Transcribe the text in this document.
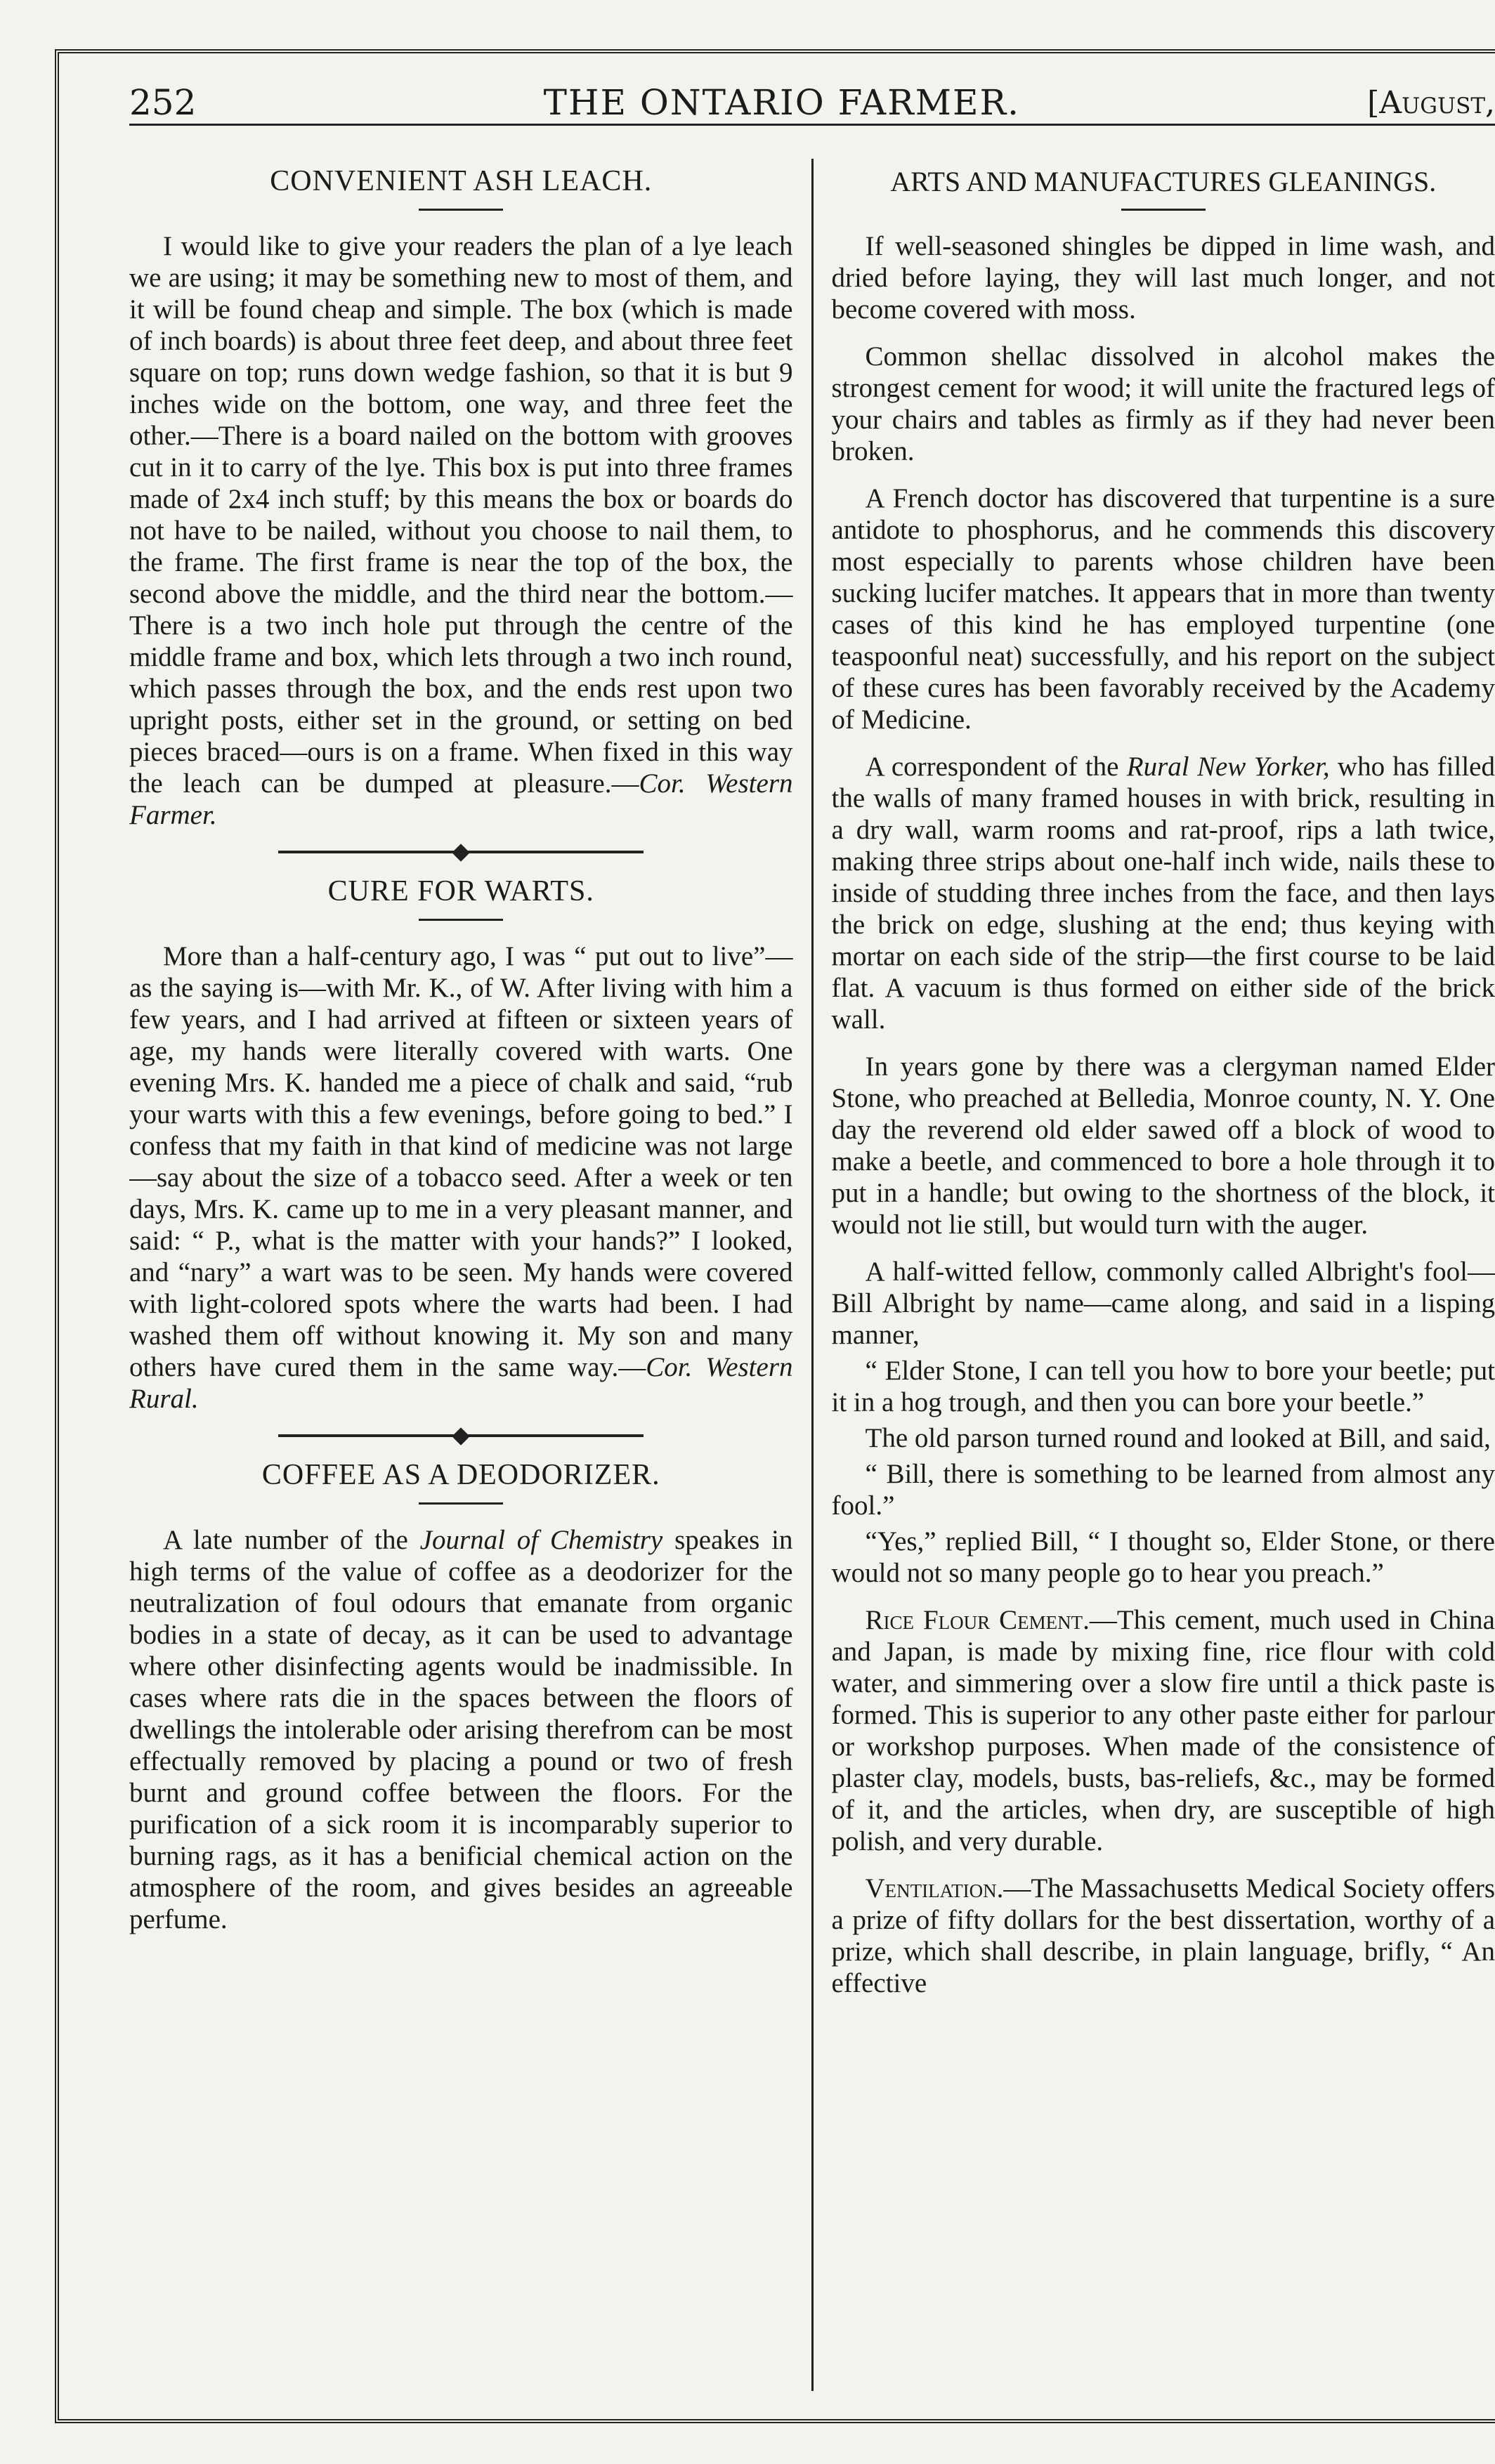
252	THE ONTARIO FARMER.	[August,
CONVENIENT ASH LEACH.

I would like to give your readers the plan of a lye leach we are using; it may be something new to most of them, and it will be found cheap and simple. The box (which is made of inch boards) is about three feet deep, and about three feet square on top; runs down wedge fashion, so that it is but 9 inches wide on the bottom, one way, and three feet the other.—There is a board nailed on the bottom with grooves cut in it to carry of the lye. This box is put into three frames made of 2x4 inch stuff; by this means the box or boards do not have to be nailed, without you choose to nail them, to the frame. The first frame is near the top of the box, the second above the middle, and the third near the bottom.—There is a two inch hole put through the centre of the middle frame and box, which lets through a two inch round, which passes through the box, and the ends rest upon two upright posts, either set in the ground, or setting on bed pieces braced—ours is on a frame. When fixed in this way the leach can be dumped at pleasure.—Cor. Western Farmer.

CURE FOR WARTS.

More than a half-century ago, I was “ put out to live”—as the saying is—with Mr. K., of W. After living with him a few years, and I had arrived at fifteen or sixteen years of age, my hands were literally covered with warts. One evening Mrs. K. handed me a piece of chalk and said, “rub your warts with this a few evenings, before going to bed.” I confess that my faith in that kind of medicine was not large—say about the size of a tobacco seed. After a week or ten days, Mrs. K. came up to me in a very pleasant manner, and said: “ P., what is the matter with your hands?” I looked, and “nary” a wart was to be seen. My hands were covered with light-colored spots where the warts had been. I had washed them off without knowing it. My son and many others have cured them in the same way.—Cor. Western Rural.

COFFEE AS A DEODORIZER.

A late number of the Journal of Chemistry speakes in high terms of the value of coffee as a deodorizer for the neutralization of foul odours that emanate from organic bodies in a state of decay, as it can be used to advantage where other disinfecting agents would be inadmissible. In cases where rats die in the spaces between the floors of dwellings the intolerable oder arising therefrom can be most effectually removed by placing a pound or two of fresh burnt and ground coffee between the floors. For the purification of a sick room it is incomparably superior to burning rags, as it has a benificial chemical action on the atmosphere of the room, and gives besides an agreeable perfume.

ARTS AND MANUFACTURES GLEANINGS.

If well-seasoned shingles be dipped in lime wash, and dried before laying, they will last much longer, and not become covered with moss.

Common shellac dissolved in alcohol makes the strongest cement for wood; it will unite the fractured legs of your chairs and tables as firmly as if they had never been broken.

A French doctor has discovered that turpentine is a sure antidote to phosphorus, and he commends this discovery most especially to parents whose children have been sucking lucifer matches. It appears that in more than twenty cases of this kind he has employed turpentine (one teaspoonful neat) successfully, and his report on the subject of these cures has been favorably received by the Academy of Medicine.

A correspondent of the Rural New Yorker, who has filled the walls of many framed houses in with brick, resulting in a dry wall, warm rooms and rat-proof, rips a lath twice, making three strips about one-half inch wide, nails these to inside of studding three inches from the face, and then lays the brick on edge, slushing at the end; thus keying with mortar on each side of the strip—the first course to be laid flat. A vacuum is thus formed on either side of the brick wall.

In years gone by there was a clergyman named Elder Stone, who preached at Belledia, Monroe county, N. Y. One day the reverend old elder sawed off a block of wood to make a beetle, and commenced to bore a hole through it to put in a handle; but owing to the shortness of the block, it would not lie still, but would turn with the auger.

A half-witted fellow, commonly called Albright's fool—Bill Albright by name—came along, and said in a lisping manner,

“ Elder Stone, I can tell you how to bore your beetle; put it in a hog trough, and then you can bore your beetle.”

The old parson turned round and looked at Bill, and said,

“ Bill, there is something to be learned from almost any fool.”

“Yes,” replied Bill, “ I thought so, Elder Stone, or there would not so many people go to hear you preach.”

Rice Flour Cement.—This cement, much used in China and Japan, is made by mixing fine, rice flour with cold water, and simmering over a slow fire until a thick paste is formed. This is superior to any other paste either for parlour or workshop purposes. When made of the consistence of plaster clay, models, busts, bas-reliefs, &c., may be formed of it, and the articles, when dry, are susceptible of high polish, and very durable.

Ventilation.—The Massachusetts Medical Society offers a prize of fifty dollars for the best dissertation, worthy of a prize, which shall describe, in plain language, brifly, “ An effective
